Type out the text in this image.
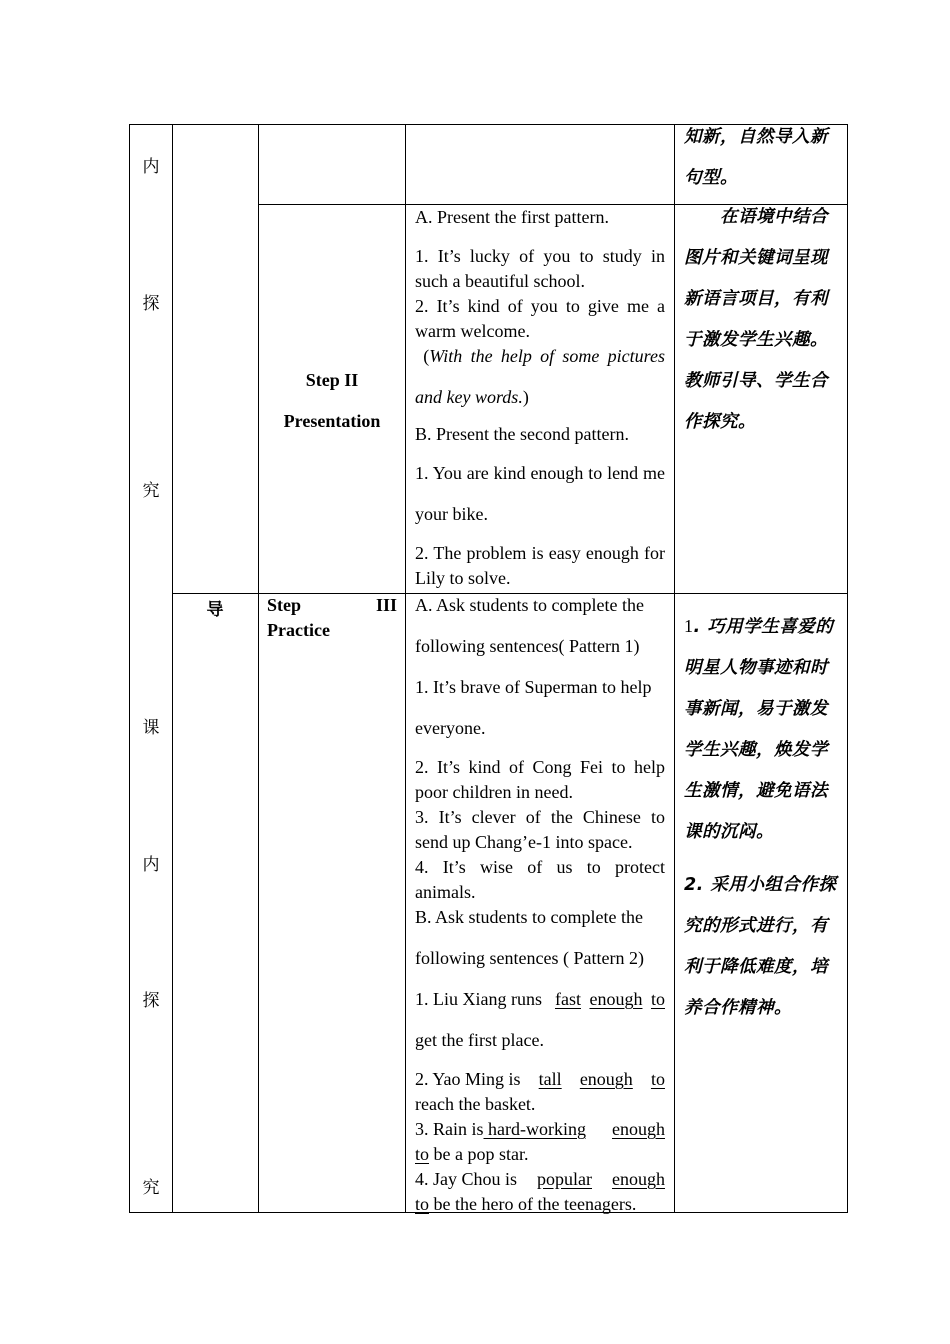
内
探
究
课
内
探
究
知新，自然导入新句型。
Step II
Presentation

A. Present the first pattern.

1. It’s lucky of you to study in such a beautiful school.

2. It’s kind of you to give me a warm welcome.

(With the help of some pictures and key words.)

B. Present the second pattern.

1. You are kind enough to lend me your bike.

2. The problem is easy enough for Lily to solve.

在语境中结合图片和关键词呈现新语言项目，有利于激发学生兴趣。教师引导、学生合作探究。
导	Step	III
Practice

A. Ask students to complete the following sentences( Pattern 1)

1. It’s brave of Superman to help everyone.

2. It’s kind of Cong Fei to help poor children in need.

3. It’s clever of the Chinese to send up Chang’e-1 into space.

4. It’s wise of us to protect animals.

B. Ask students to complete the following sentences ( Pattern 2)

1. Liu Xiang runs fast enough to
get the first place.

2. Yao Ming is tall enough to
reach the basket.

3. Rain is hard-working enough
to be a pop star.

4. Jay Chou is popular enough
to be the hero of the teenagers.

1. 巧用学生喜爱的明星人物事迹和时事新闻，易于激发学生兴趣，焕发学生激情，避免语法课的沉闷。
2. 采用小组合作探究的形式进行，有利于降低难度，培养合作精神。
